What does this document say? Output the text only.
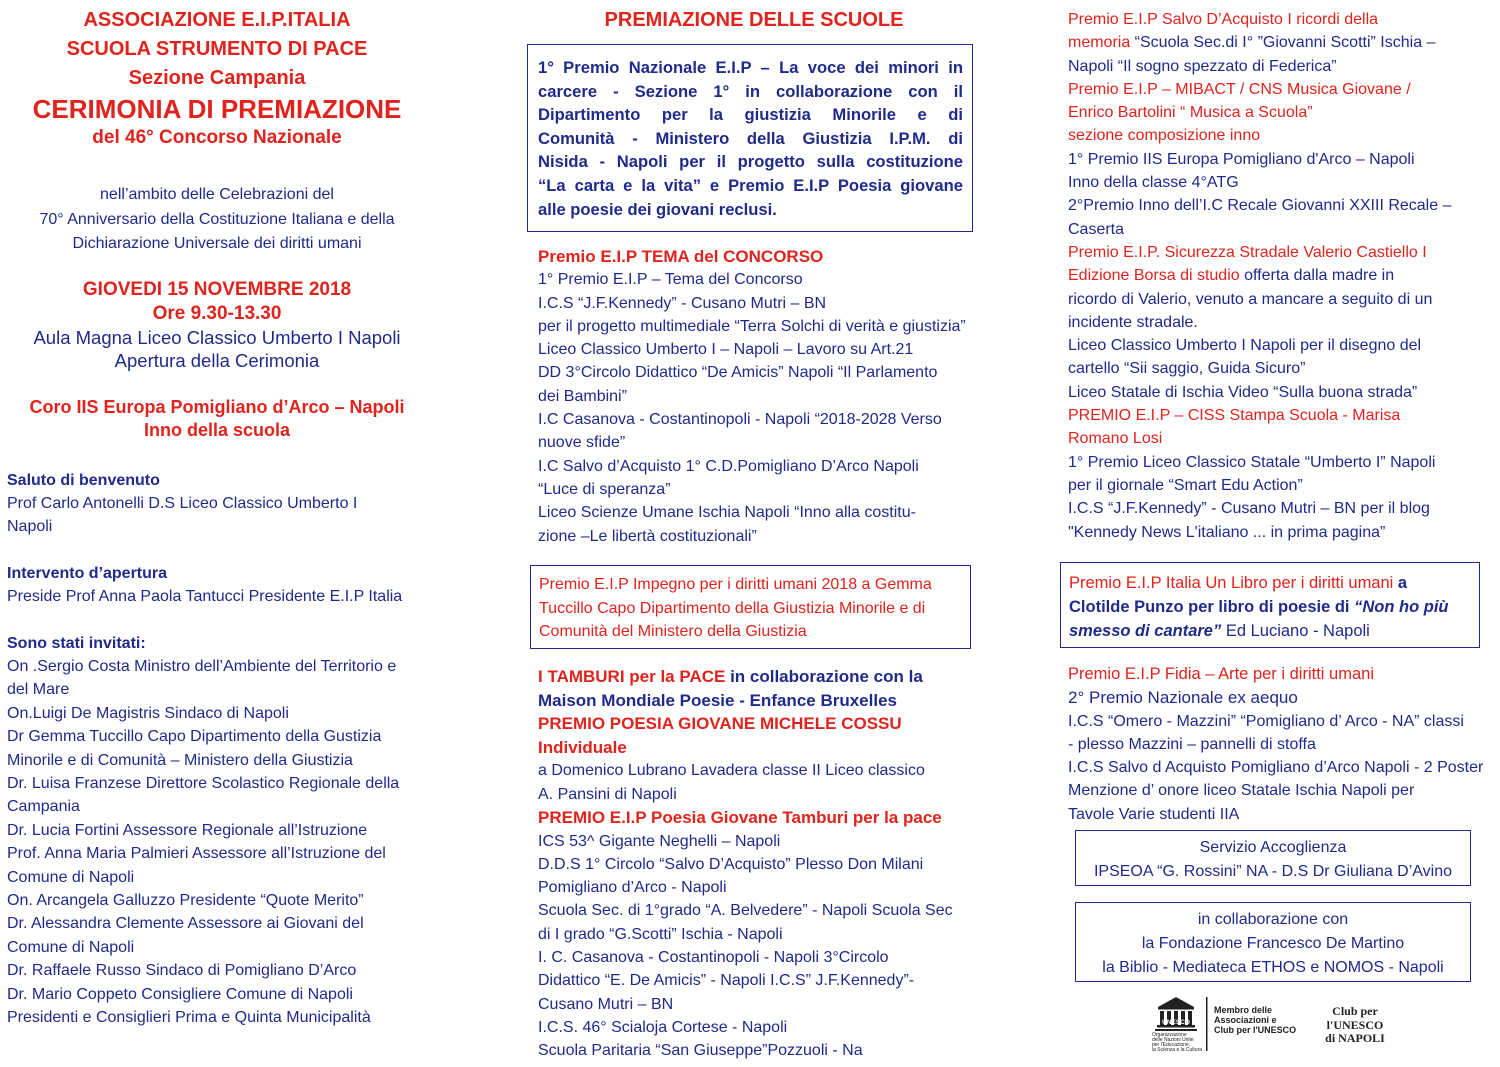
ASSOCIAZIONE E.I.P.ITALIA
SCUOLA STRUMENTO DI PACE
Sezione Campania
CERIMONIA DI PREMIAZIONE
del 46° Concorso Nazionale
nell’ambito delle Celebrazioni del
70° Anniversario della Costituzione Italiana e della
Dichiarazione Universale dei diritti umani
GIOVEDI 15 NOVEMBRE 2018
Ore 9.30-13.30
Aula Magna Liceo Classico Umberto I Napoli
Apertura della Cerimonia
Coro IIS Europa Pomigliano d’Arco – Napoli
Inno della scuola
Saluto di benvenuto
Prof Carlo Antonelli D.S Liceo Classico Umberto I
Napoli
Intervento d’apertura
Preside Prof Anna Paola Tantucci Presidente E.I.P Italia
Sono stati invitati:
On .Sergio Costa Ministro dell’Ambiente del Territorio e
del Mare
On.Luigi De Magistris Sindaco di Napoli
Dr Gemma Tuccillo Capo Dipartimento della Gustizia
Minorile e di Comunità – Ministero della Giustizia
Dr. Luisa Franzese Direttore Scolastico Regionale della
Campania
Dr. Lucia Fortini Assessore Regionale all’Istruzione
Prof. Anna Maria Palmieri Assessore all’Istruzione del
Comune di Napoli
On. Arcangela Galluzzo Presidente “Quote Merito”
Dr. Alessandra Clemente Assessore ai Giovani del
Comune di Napoli
Dr. Raffaele Russo Sindaco di Pomigliano D’Arco
Dr. Mario Coppeto Consigliere Comune di Napoli
Presidenti e Consiglieri Prima e Quinta Municipalità
PREMIAZIONE DELLE SCUOLE
Premio E.I.P TEMA del CONCORSO
1° Premio E.I.P – Tema del Concorso
I.C.S “J.F.Kennedy” - Cusano Mutri – BN
per il progetto multimediale “Terra Solchi di verità e giustizia”
Liceo Classico Umberto I – Napoli – Lavoro su Art.21
DD 3°Circolo Didattico “De Amicis” Napoli “Il Parlamento
dei Bambini”
I.C Casanova - Costantinopoli - Napoli “2018-2028 Verso
nuove sfide”
I.C Salvo d’Acquisto 1° C.D.Pomigliano D’Arco Napoli
“Luce di speranza”
Liceo Scienze Umane Ischia Napoli “Inno alla costitu-
zione –Le libertà costituzionali”
I TAMBURI per la PACE in collaborazione con la
Maison Mondiale Poesie - Enfance Bruxelles
PREMIO POESIA GIOVANE MICHELE COSSU
Individuale
a Domenico Lubrano Lavadera classe II Liceo classico
A. Pansini di Napoli
PREMIO E.I.P Poesia Giovane Tamburi per la pace
ICS 53^ Gigante Neghelli – Napoli
D.D.S 1° Circolo “Salvo D’Acquisto” Plesso Don Milani
Pomigliano d’Arco - Napoli
Scuola Sec. di 1°grado “A. Belvedere” - Napoli Scuola Sec
di I grado “G.Scotti” Ischia - Napoli
I. C. Casanova - Costantinopoli - Napoli 3°Circolo
Didattico “E. De Amicis” - Napoli I.C.S” J.F.Kennedy”-
Cusano Mutri – BN
I.C.S. 46° Scialoja Cortese - Napoli
Scuola Paritaria “San Giuseppe”Pozzuoli - Na
1° Premio Nazionale E.I.P – La voce dei minori in
carcere - Sezione 1° in collaborazione con il
Dipartimento per la giustizia Minorile e di
Comunità - Ministero della Giustizia I.P.M. di
Nisida - Napoli per il progetto sulla costituzione
“La carta e la vita” e Premio E.I.P Poesia giovane
alle poesie dei giovani reclusi.
Premio E.I.P Impegno per i diritti umani 2018 a Gemma
Tuccillo Capo Dipartimento della Giustizia Minorile e di
Comunità del Ministero della Giustizia
Premio E.I.P Salvo D’Acquisto I ricordi della
memoria “Scuola Sec.di I° ”Giovanni Scotti” Ischia –
Napoli “Il sogno spezzato di Federica”
Premio E.I.P – MIBACT / CNS Musica Giovane /
Enrico Bartolini “ Musica a Scuola”
sezione composizione inno
1° Premio IIS Europa Pomigliano d'Arco – Napoli
Inno della classe 4°ATG
2°Premio Inno dell’I.C Recale Giovanni XXIII Recale –
Caserta
Premio E.I.P. Sicurezza Stradale Valerio Castiello I
Edizione Borsa di studio offerta dalla madre in
ricordo di Valerio, venuto a mancare a seguito di un
incidente stradale.
Liceo Classico Umberto I Napoli per il disegno del
cartello “Sii saggio, Guida Sicuro”
Liceo Statale di Ischia Video “Sulla buona strada”
PREMIO E.I.P – CISS Stampa Scuola - Marisa
Romano Losi
1° Premio Liceo Classico Statale “Umberto I” Napoli
per il giornale “Smart Edu Action”
I.C.S “J.F.Kennedy” - Cusano Mutri – BN per il blog
"Kennedy News L'italiano ... in prima pagina”
Premio E.I.P Fidia – Arte per i diritti umani
2° Premio Nazionale ex aequo
I.C.S “Omero - Mazzini” “Pomigliano d’ Arco - NA” classi
- plesso Mazzini – pannelli di stoffa
I.C.S Salvo d Acquisto Pomigliano d’Arco Napoli - 2 Poster
Menzione d’ onore liceo Statale Ischia Napoli per
Tavole Varie studenti IIA
Premio E.I.P Italia Un Libro per i diritti umani a
Clotilde Punzo per libro di poesie di “Non ho più smesso di cantare” Ed Luciano - Napoli
Servizio Accoglienza
IPSEOA “G. Rossini” NA - D.S Dr Giuliana D’Avino
in collaborazione con
la Fondazione Francesco De Martino
la Biblio - Mediateca ETHOS e NOMOS - Napoli
UNESCO
Organizzazione
delle Nazioni Unite
per l'Educazione,
la Scienza e la Cultura
Membro delle
Associazioni e
Club per l'UNESCO
Club per
l'UNESCO
di NAPOLI
